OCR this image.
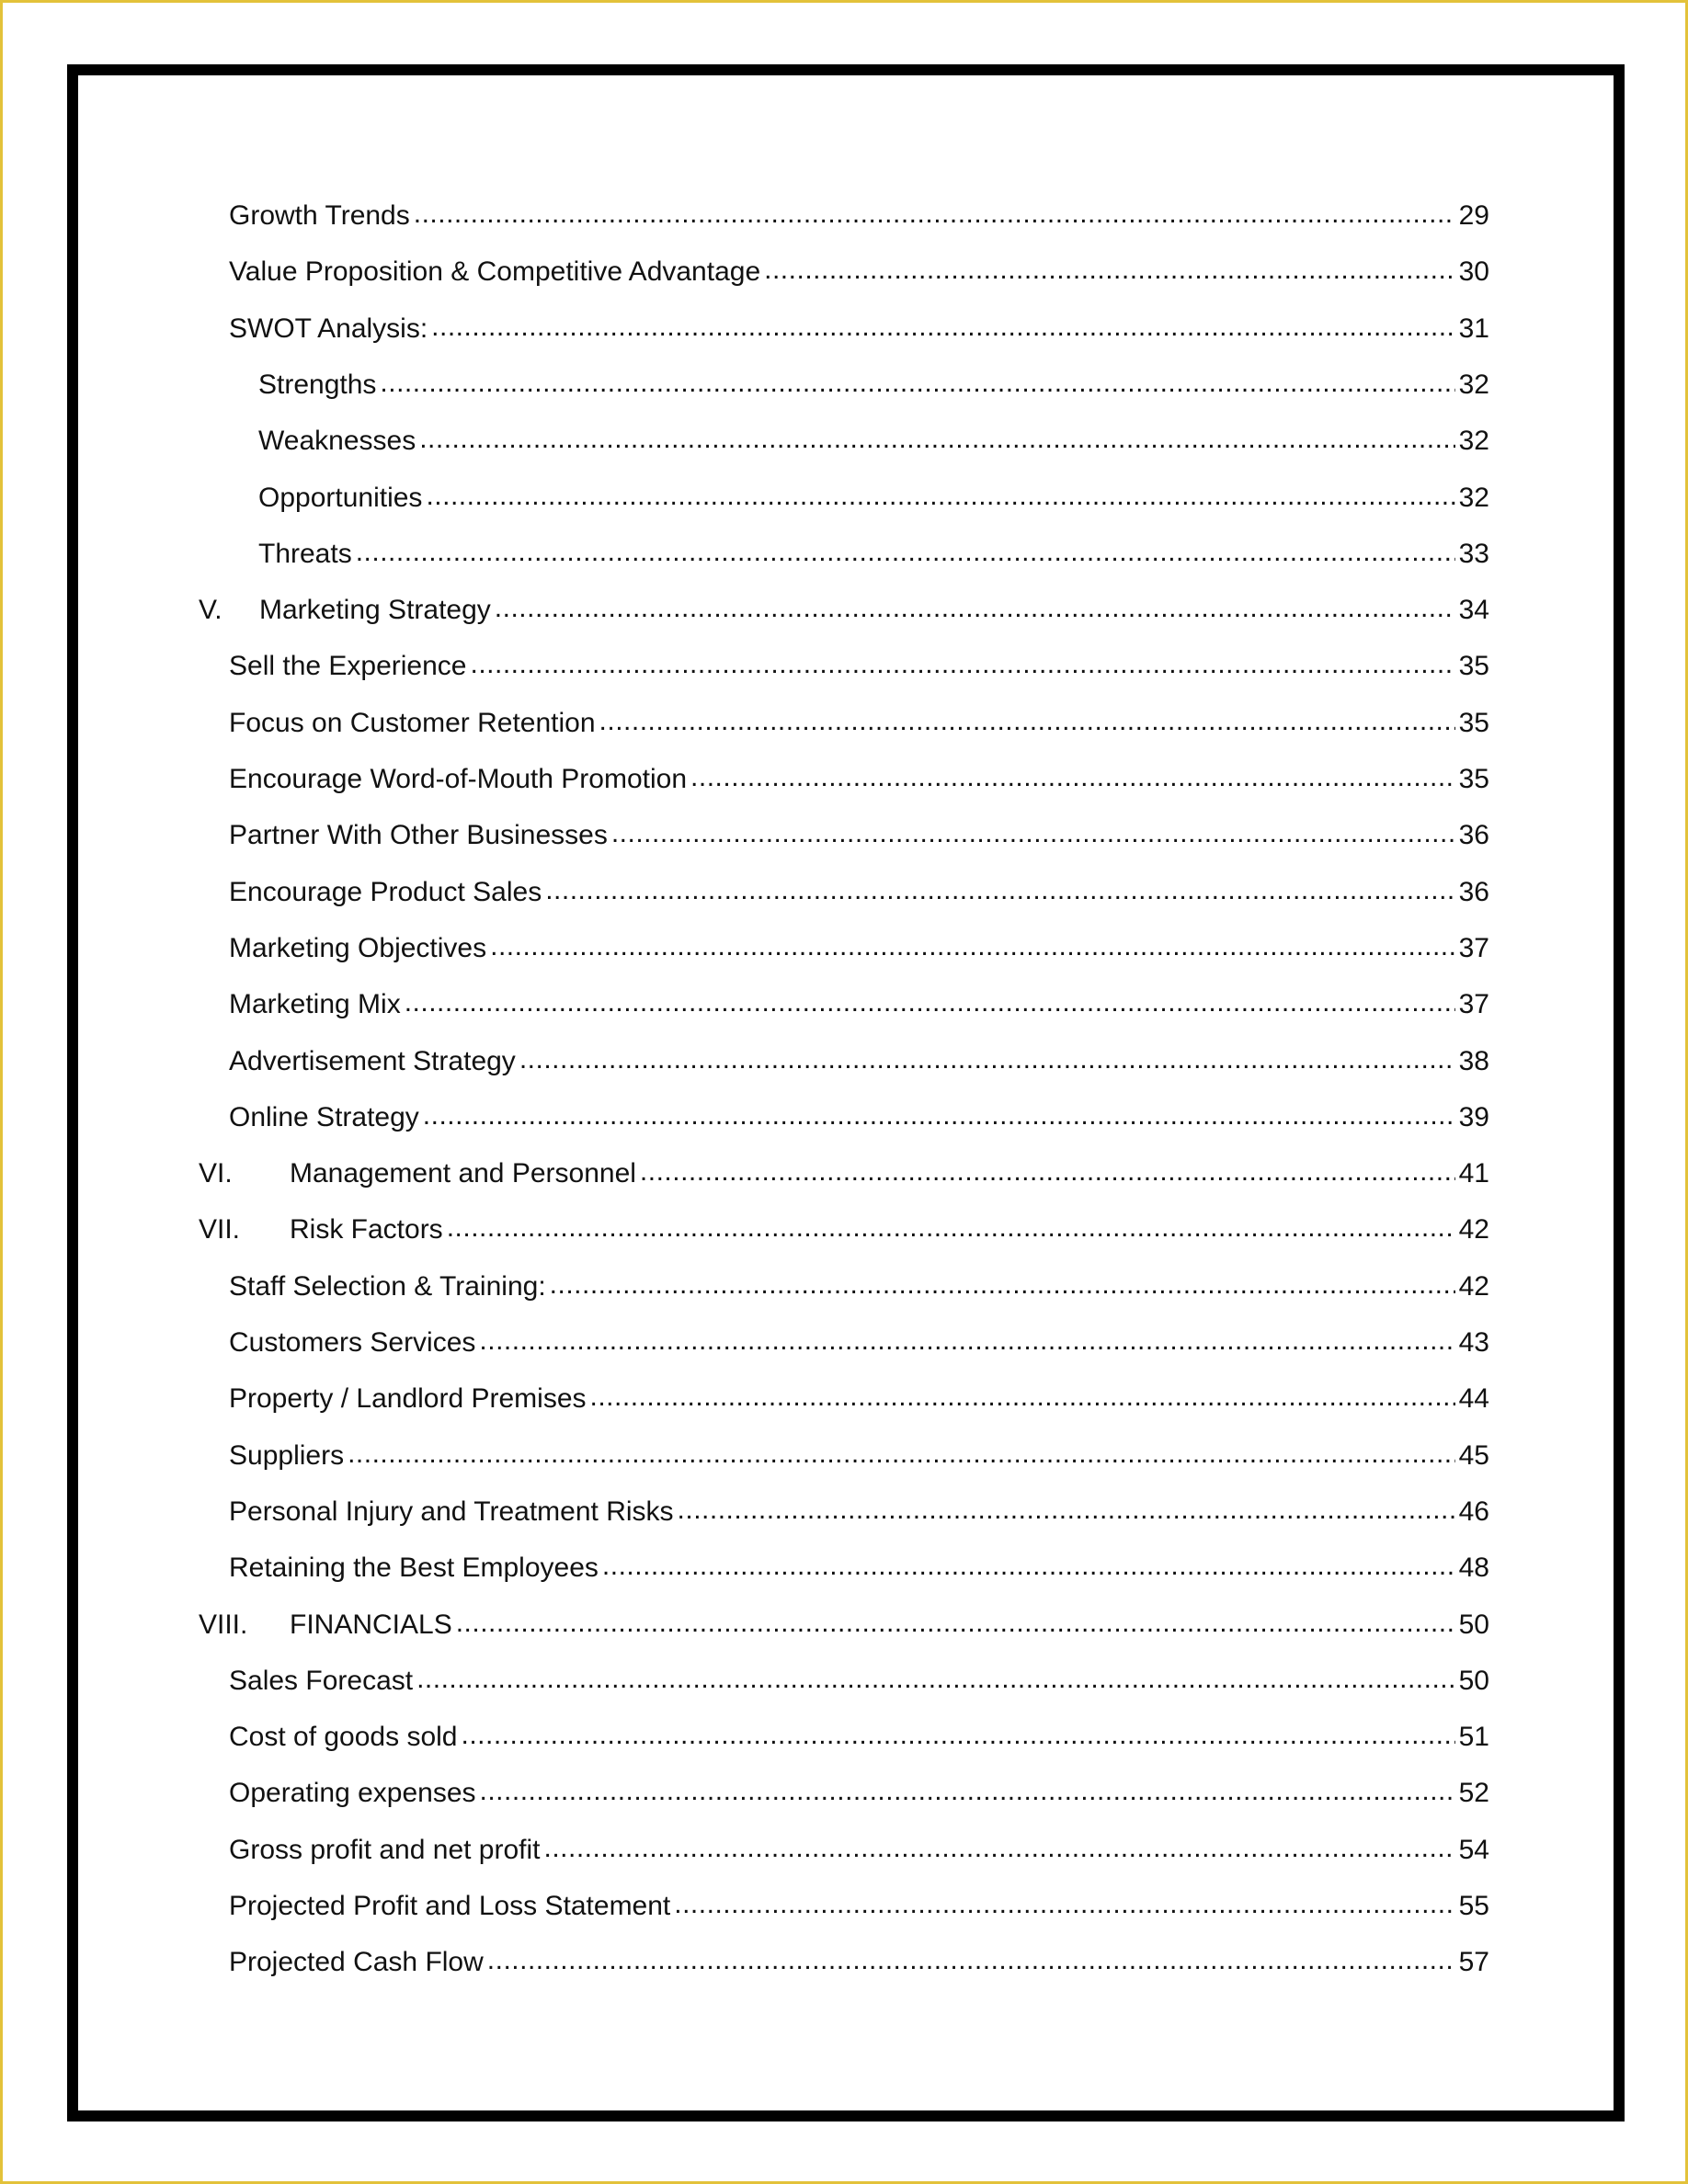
Growth Trends .....	29
Value Proposition & Competitive Advantage .....	30
SWOT Analysis: .....	31
Strengths .....	32
Weaknesses .....	32
Opportunities .....	32
Threats .....	33
V.	Marketing Strategy .....	34
Sell the Experience .....	35
Focus on Customer Retention .....	35
Encourage Word-of-Mouth Promotion .....	35
Partner With Other Businesses .....	36
Encourage Product Sales .....	36
Marketing Objectives .....	37
Marketing Mix .....	37
Advertisement Strategy .....	38
Online Strategy .....	39
VI.	Management and Personnel .....	41
VII.	Risk Factors .....	42
Staff Selection & Training: .....	42
Customers Services .....	43
Property / Landlord Premises .....	44
Suppliers .....	45
Personal Injury and Treatment Risks .....	46
Retaining the Best Employees .....	48
VIII.	FINANCIALS .....	50
Sales Forecast .....	50
Cost of goods sold .....	51
Operating expenses .....	52
Gross profit and net profit .....	54
Projected Profit and Loss Statement .....	55
Projected Cash Flow .....	57
